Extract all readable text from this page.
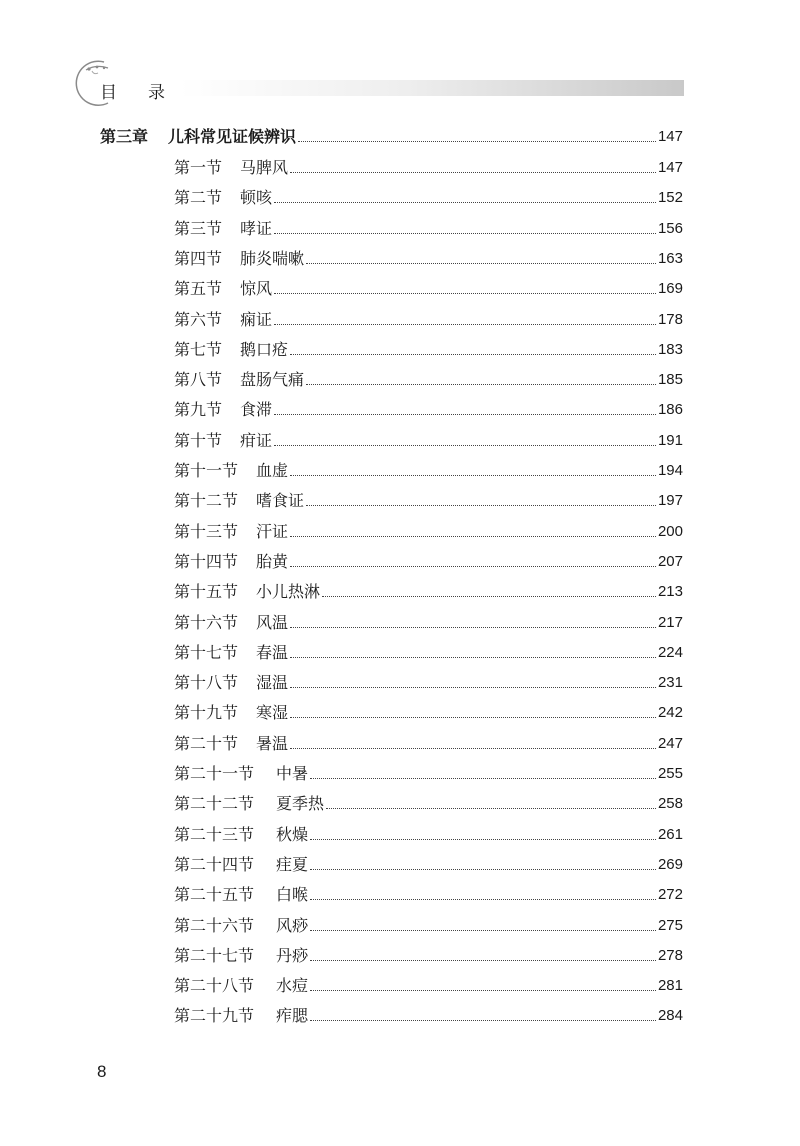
目 录
第三章 儿科常见证候辨识	147
第一节 马脾风	147
第二节 顿咳	152
第三节 哮证	156
第四节 肺炎喘嗽	163
第五节 惊风	169
第六节 痫证	178
第七节 鹅口疮	183
第八节 盘肠气痛	185
第九节 食滞	186
第十节 疳证	191
第十一节 血虚	194
第十二节 嗜食证	197
第十三节 汗证	200
第十四节 胎黄	207
第十五节 小儿热淋	213
第十六节 风温	217
第十七节 春温	224
第十八节 湿温	231
第十九节 寒湿	242
第二十节 暑温	247
第二十一节 中暑	255
第二十二节 夏季热	258
第二十三节 秋燥	261
第二十四节 疰夏	269
第二十五节 白喉	272
第二十六节 风痧	275
第二十七节 丹痧	278
第二十八节 水痘	281
第二十九节 痄腮	284
8
